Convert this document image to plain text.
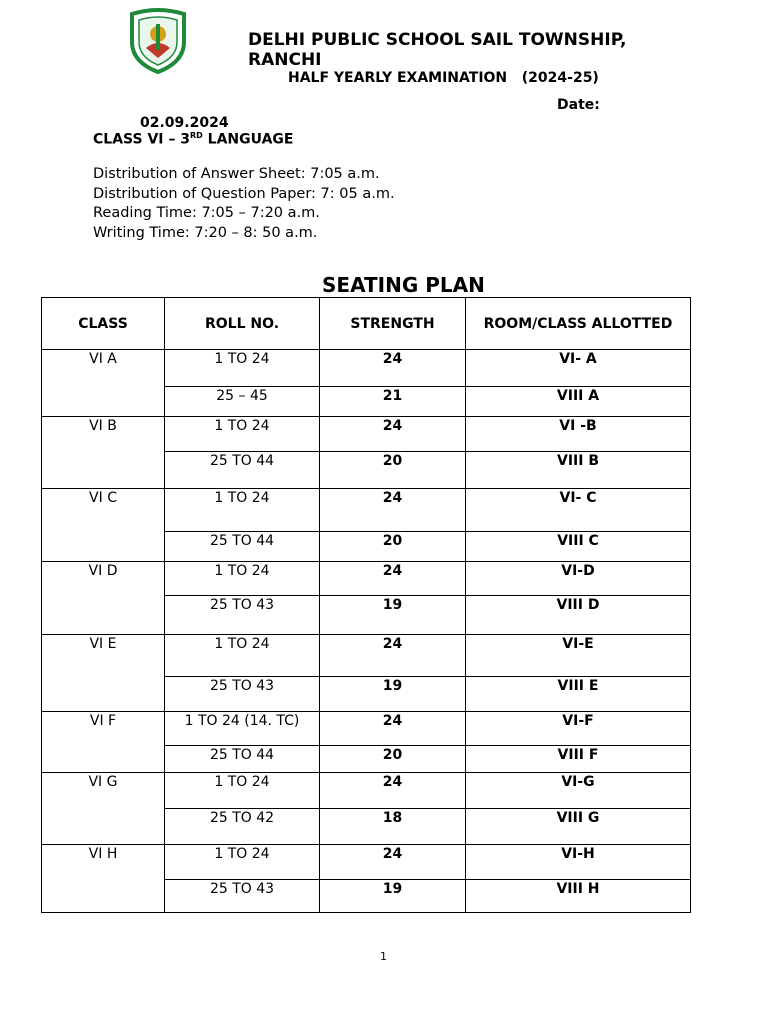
DELHI PUBLIC SCHOOL SAIL TOWNSHIP, RANCHI
HALF YEARLY EXAMINATION   (2024-25)
Date:
02.09.2024
CLASS VI – 3RD LANGUAGE
Distribution of Answer Sheet: 7:05 a.m.
Distribution of Question Paper: 7: 05 a.m.
Reading Time: 7:05 – 7:20 a.m.
Writing Time: 7:20 – 8: 50 a.m.
SEATING PLAN
CLASS	ROLL NO.	STRENGTH	ROOM/CLASS ALLOTTED
VI A	1 TO 24	24	VI- A
	25 – 45	21	VIII A
VI B	1 TO 24	24	VI -B
	25 TO 44	20	VIII B
VI C	1 TO 24	24	VI- C
	25 TO 44	20	VIII C
VI D	1 TO 24	24	VI-D
	25 TO 43	19	VIII D
VI E	1 TO 24	24	VI-E
	25 TO 43	19	VIII E
VI F	1 TO 24 (14. TC)	24	VI-F
	25 TO 44	20	VIII F
VI G	1 TO 24	24	VI-G
	25 TO 42	18	VIII G
VI H	1 TO 24	24	VI-H
	25 TO 43	19	VIII H
1
